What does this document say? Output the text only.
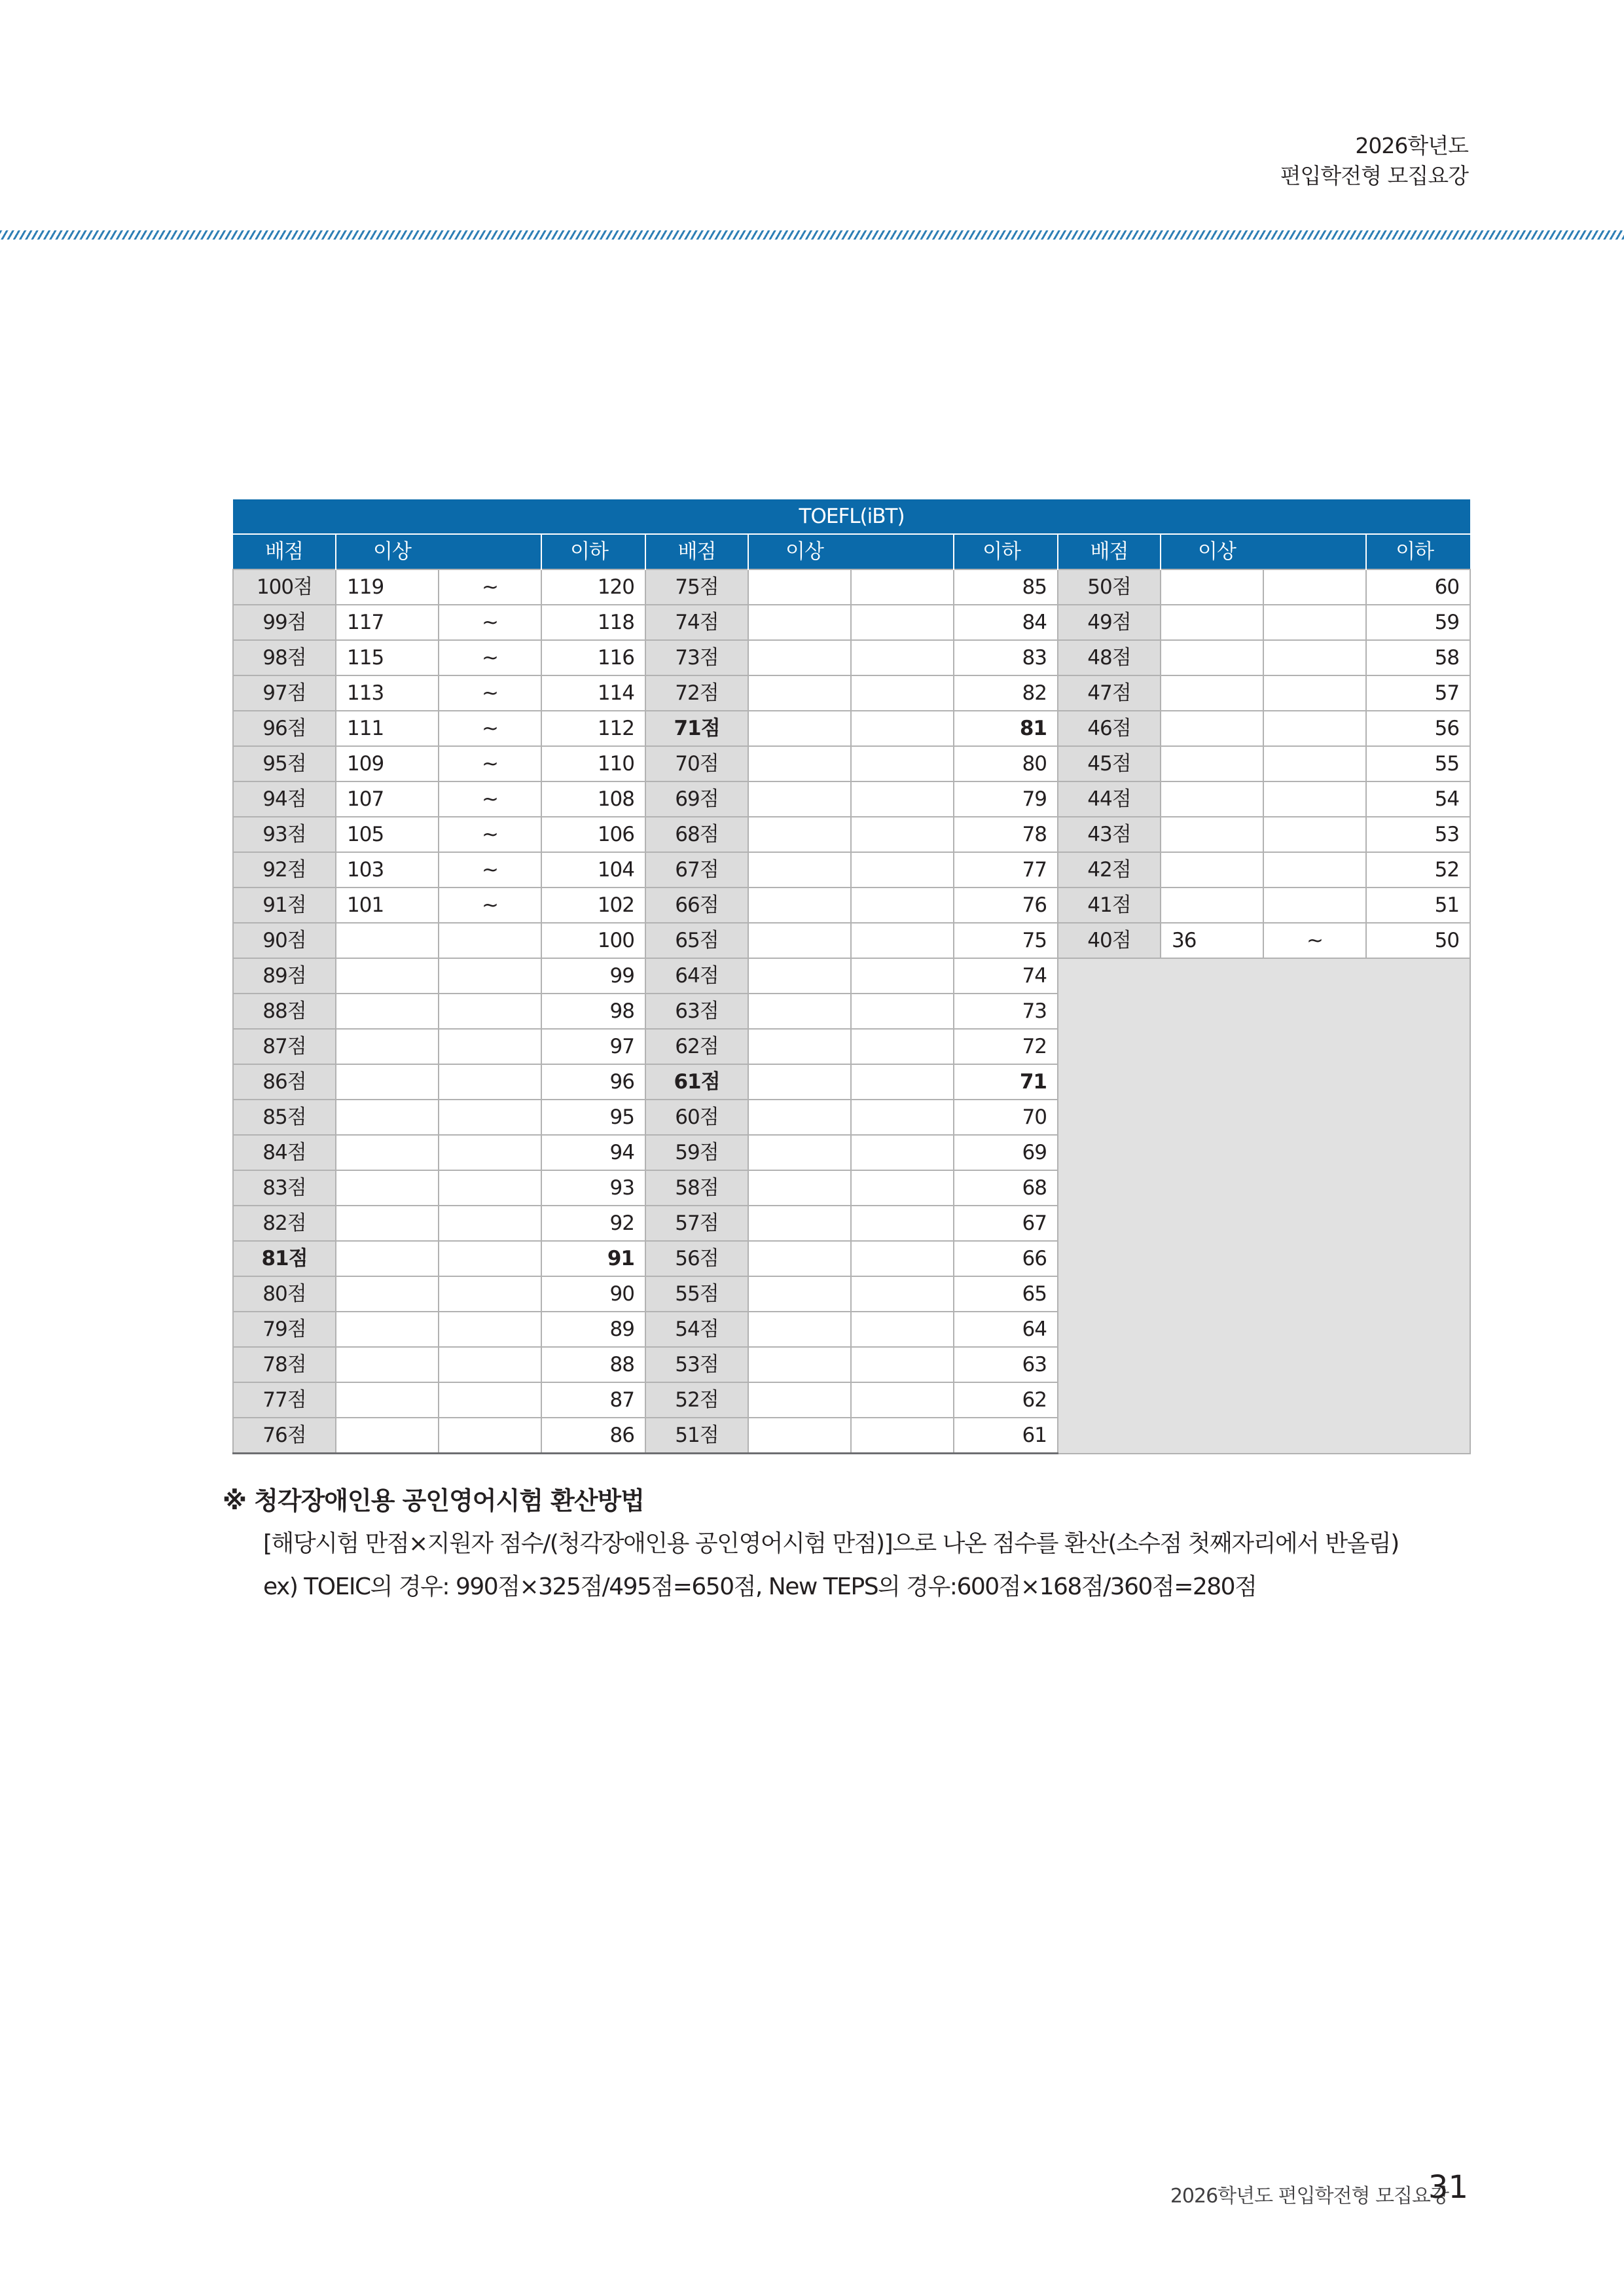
2026학년도
편입학전형 모집요강
TOEFL(iBT)											
배점	이상		이하	배점	이상		이하	배점	이상		이하
100점	119	~	120	75점			85	50점			60
99점	117	~	118	74점			84	49점			59
98점	115	~	116	73점			83	48점			58
97점	113	~	114	72점			82	47점			57
96점	111	~	112	71점			81	46점			56
95점	109	~	110	70점			80	45점			55
94점	107	~	108	69점			79	44점			54
93점	105	~	106	68점			78	43점			53
92점	103	~	104	67점			77	42점			52
91점	101	~	102	66점			76	41점			51
90점			100	65점			75	40점	36	~	50
89점			99	64점			74				
88점			98	63점			73				
87점			97	62점			72				
86점			96	61점			71				
85점			95	60점			70				
84점			94	59점			69				
83점			93	58점			68				
82점			92	57점			67				
81점			91	56점			66				
80점			90	55점			65				
79점			89	54점			64				
78점			88	53점			63				
77점			87	52점			62				
76점			86	51점			61				
※ 청각장애인용 공인영어시험 환산방법
[해당시험 만점×지원자 점수/(청각장애인용 공인영어시험 만점)]으로 나온 점수를 환산(소수점 첫째자리에서 반올림)
ex) TOEIC의 경우: 990점×325점/495점=650점, New TEPS의 경우:600점×168점/360점=280점
2026학년도 편입학전형 모집요강
31
